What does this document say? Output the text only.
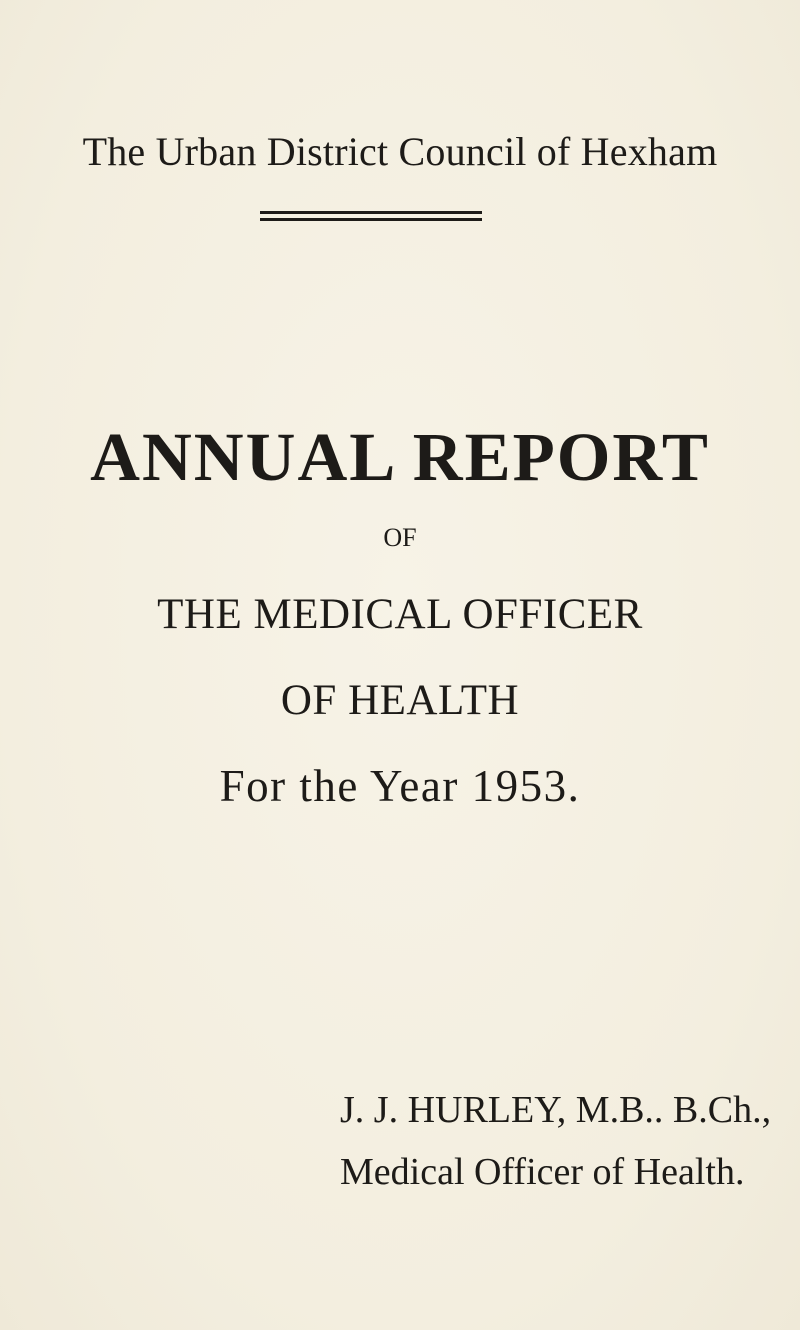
The Urban District Council of Hexham
ANNUAL REPORT
OF
THE MEDICAL OFFICER
OF HEALTH
For the Year 1953.
J. J. HURLEY, M.B.. B.Ch.,
Medical Officer of Health.
